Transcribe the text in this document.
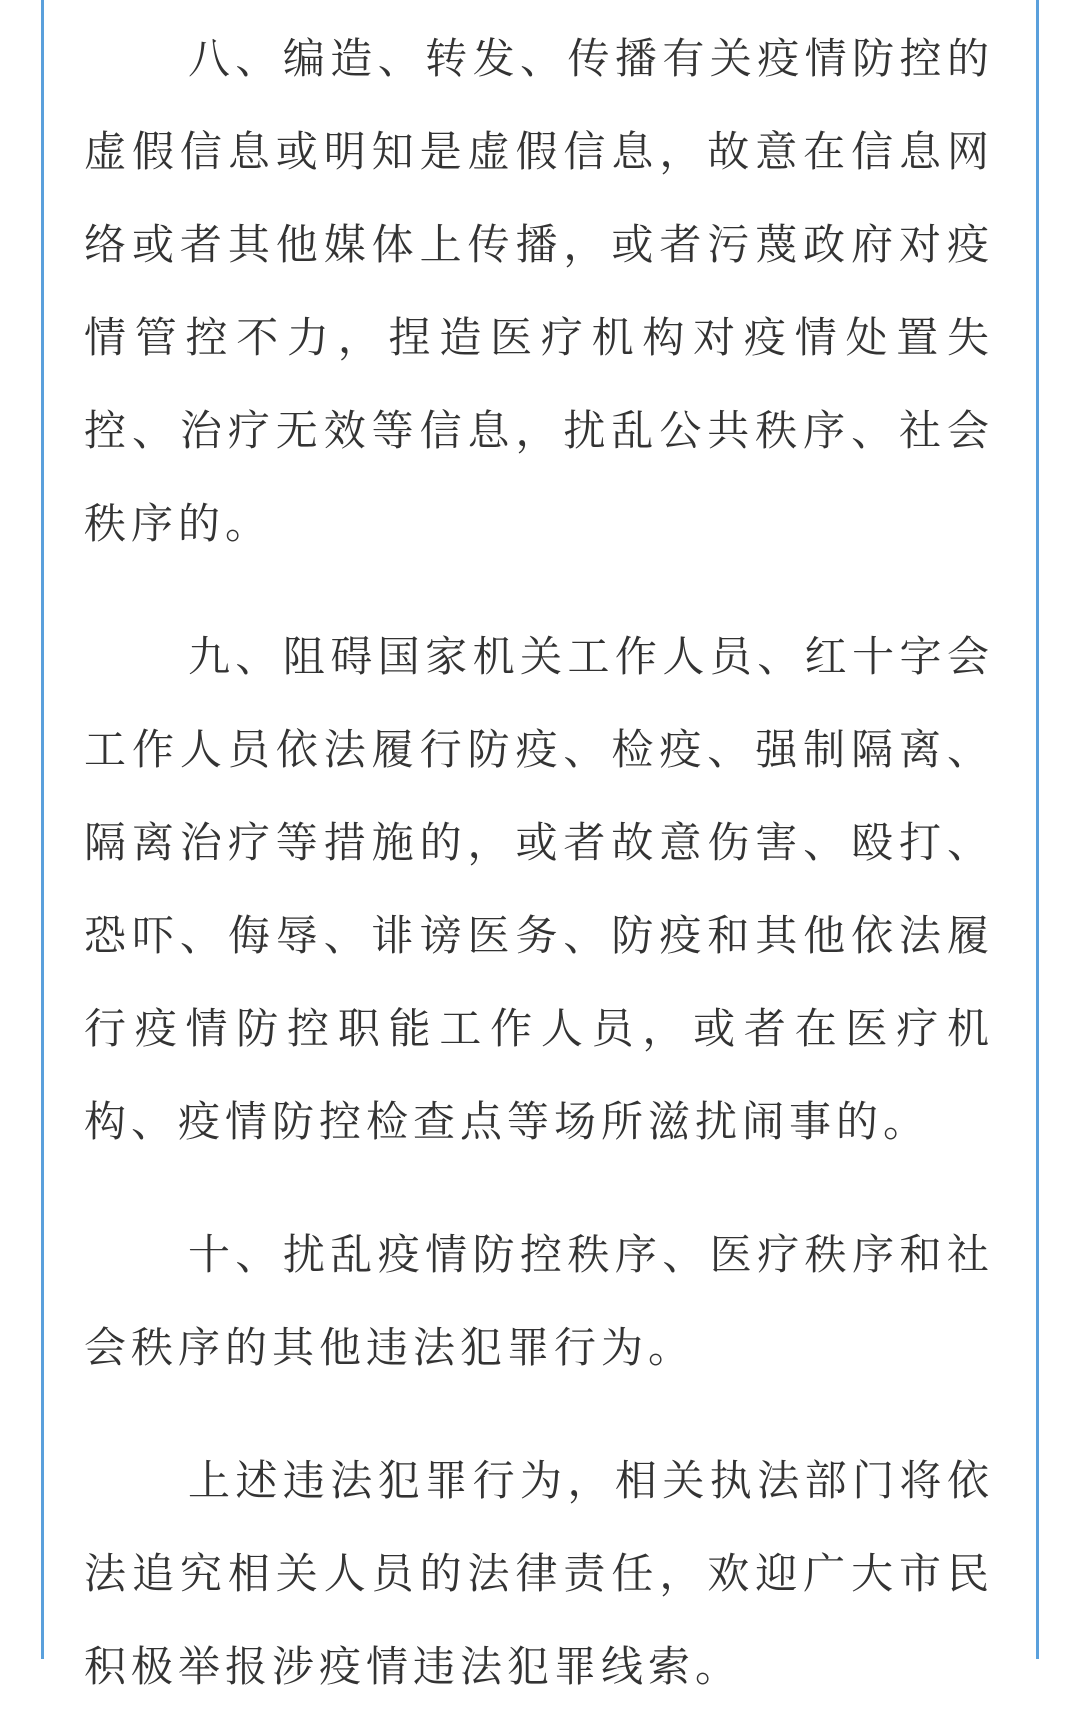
八、编造、转发、传播有关疫情防控的虚假信息或明知是虚假信息，故意在信息网络或者其他媒体上传播，或者污蔑政府对疫情管控不力，捏造医疗机构对疫情处置失控、治疗无效等信息，扰乱公共秩序、社会秩序的。

九、阻碍国家机关工作人员、红十字会工作人员依法履行防疫、检疫、强制隔离、隔离治疗等措施的，或者故意伤害、殴打、恐吓、侮辱、诽谤医务、防疫和其他依法履行疫情防控职能工作人员，或者在医疗机构、疫情防控检查点等场所滋扰闹事的。

十、扰乱疫情防控秩序、医疗秩序和社会秩序的其他违法犯罪行为。

上述违法犯罪行为，相关执法部门将依法追究相关人员的法律责任，欢迎广大市民积极举报涉疫情违法犯罪线索。
